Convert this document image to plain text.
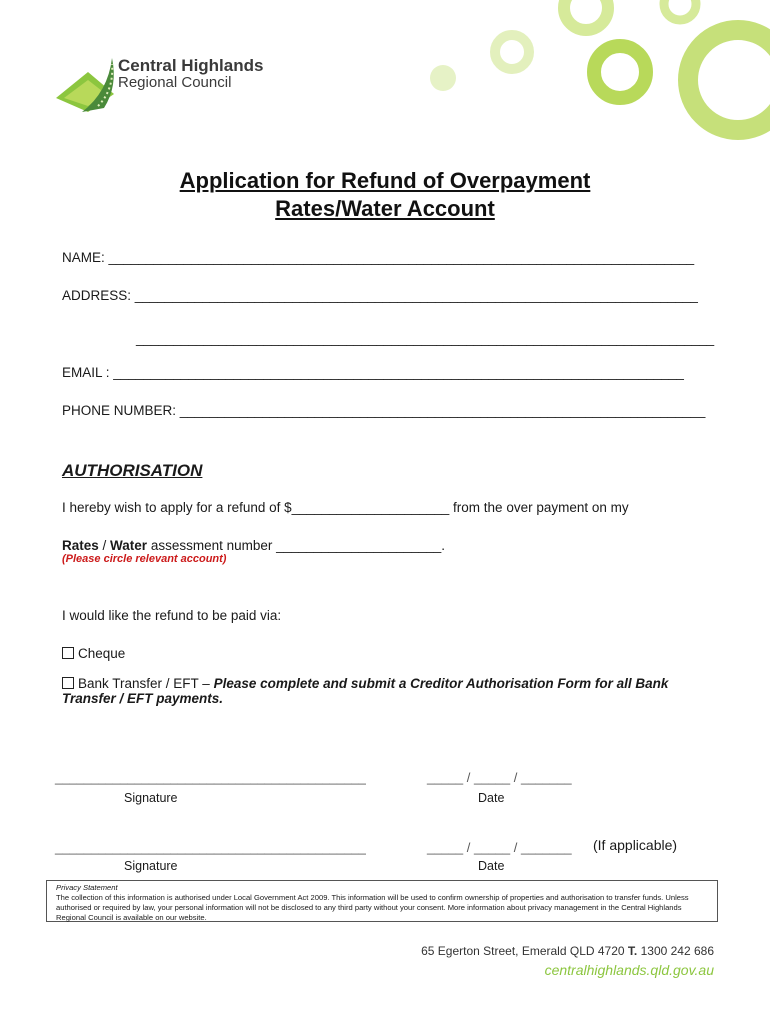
Central Highlands
Regional Council
Application for Refund of Overpayment
Rates/Water Account
NAME: ______________________________________________________________________________
ADDRESS: ___________________________________________________________________________
_____________________________________________________________________________
EMAIL : ____________________________________________________________________________
PHONE NUMBER: ______________________________________________________________________
AUTHORISATION
I hereby wish to apply for a refund of $_____________________ from the over payment on my
Rates / Water assessment number ______________________.
(Please circle relevant account)
I would like the refund to be paid via:
Cheque
Bank Transfer / EFT – Please complete and submit a Creditor Authorisation Form for all Bank
Transfer / EFT payments.
___________________________________________	_____ / _____ / _______
Signature	Date
___________________________________________	_____ / _____ / _______ (If applicable)
Signature	Date
Privacy Statement
The collection of this information is authorised under Local Government Act 2009. This information will be used to confirm ownership of properties and authorisation to transfer funds. Unless authorised or required by law, your personal information will not be disclosed to any third party without your consent. More information about privacy management in the Central Highlands Regional Council is available on our website.
65 Egerton Street, Emerald QLD 4720 T. 1300 242 686
centralhighlands.qld.gov.au
